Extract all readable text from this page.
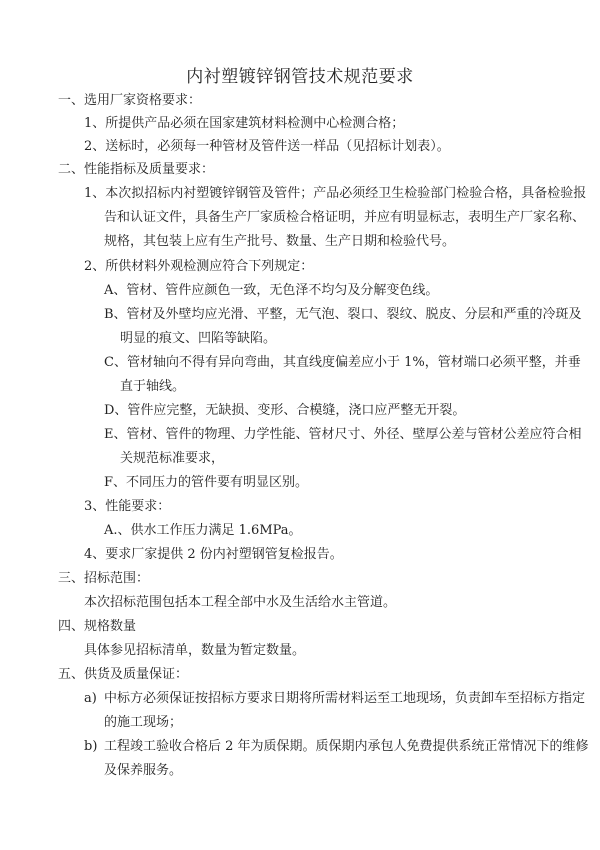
内衬塑镀锌钢管技术规范要求
一、选用厂家资格要求：
1、所提供产品必须在国家建筑材料检测中心检测合格；
2、送标时，必须每一种管材及管件送一样品（见招标计划表）。
二、性能指标及质量要求：
1、本次拟招标内衬塑镀锌钢管及管件；产品必须经卫生检验部门检验合格，具备检验报
告和认证文件，具备生产厂家质检合格证明，并应有明显标志，表明生产厂家名称、
规格，其包装上应有生产批号、数量、生产日期和检验代号。
2、所供材料外观检测应符合下列规定：
A、管材、管件应颜色一致，无色泽不均匀及分解变色线。
B、管材及外壁均应光滑、平整，无气泡、裂口、裂纹、脱皮、分层和严重的冷斑及
明显的痕文、凹陷等缺陷。
C、管材轴向不得有异向弯曲，其直线度偏差应小于 1%，管材端口必须平整，并垂
直于轴线。
D、管件应完整，无缺损、变形、合模缝，浇口应严整无开裂。
E、管材、管件的物理、力学性能、管材尺寸、外径、壁厚公差与管材公差应符合相
关规范标准要求，
F、不同压力的管件要有明显区别。
3、性能要求：
A.、供水工作压力满足 1.6MPa。
4、要求厂家提供 2 份内衬塑钢管复检报告。
三、招标范围：
本次招标范围包括本工程全部中水及生活给水主管道。
四、规格数量
具体参见招标清单，数量为暂定数量。
五、供货及质量保证：
a) 中标方必须保证按招标方要求日期将所需材料运至工地现场，负责卸车至招标方指定
的施工现场；
b) 工程竣工验收合格后 2 年为质保期。质保期内承包人免费提供系统正常情况下的维修
及保养服务。
